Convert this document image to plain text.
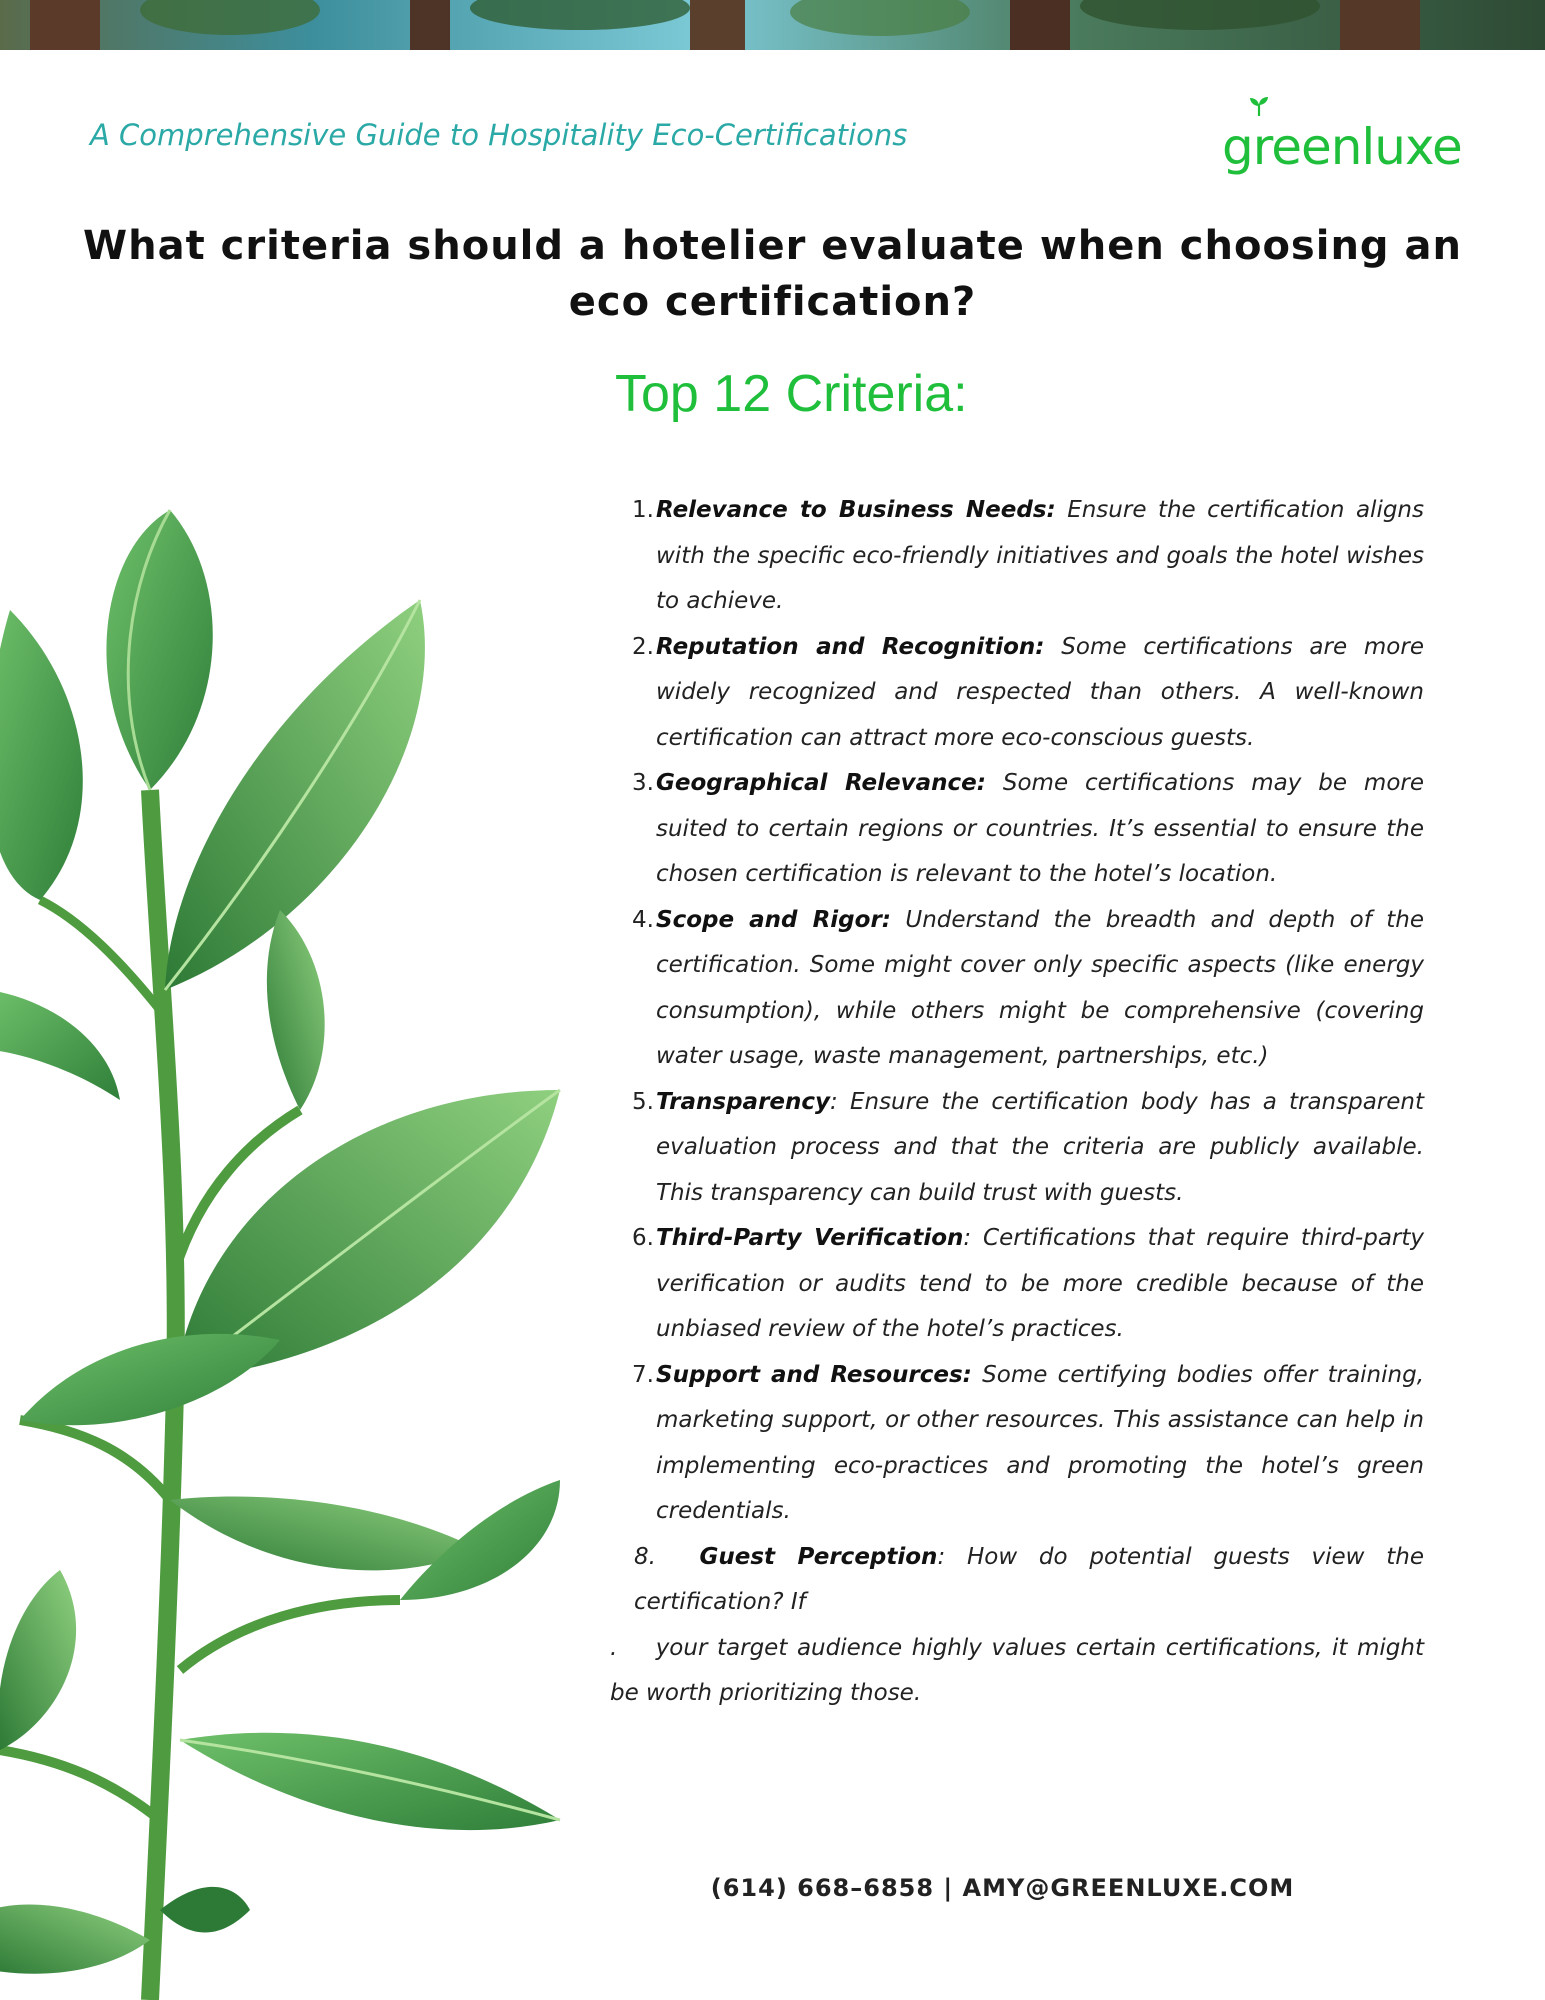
A Comprehensive Guide to Hospitality Eco-Certifications	greenluxe
What criteria should a hotelier evaluate when choosing an eco certification?
Top 12 Criteria:
1. Relevance to Business Needs: Ensure the certification aligns with the specific eco-friendly initiatives and goals the hotel wishes to achieve.
2. Reputation and Recognition: Some certifications are more widely recognized and respected than others. A well-known certification can attract more eco-conscious guests.
3. Geographical Relevance: Some certifications may be more suited to certain regions or countries. It’s essential to ensure the chosen certification is relevant to the hotel’s location.
4. Scope and Rigor: Understand the breadth and depth of the certification. Some might cover only specific aspects (like energy consumption), while others might be comprehensive (covering water usage, waste management, partnerships, etc.)
5. Transparency: Ensure the certification body has a transparent evaluation process and that the criteria are publicly available. This transparency can build trust with guests.
6. Third-Party Verification: Certifications that require third-party verification or audits tend to be more credible because of the unbiased review of the hotel’s practices.
7. Support and Resources: Some certifying bodies offer training, marketing support, or other resources. This assistance can help in implementing eco-practices and promoting the hotel’s green credentials.
8. Guest Perception: How do potential guests view the certification? If
.    your target audience highly values certain certifications, it might be worth prioritizing those.
(614) 668–6858 | AMY@GREENLUXE.COM
